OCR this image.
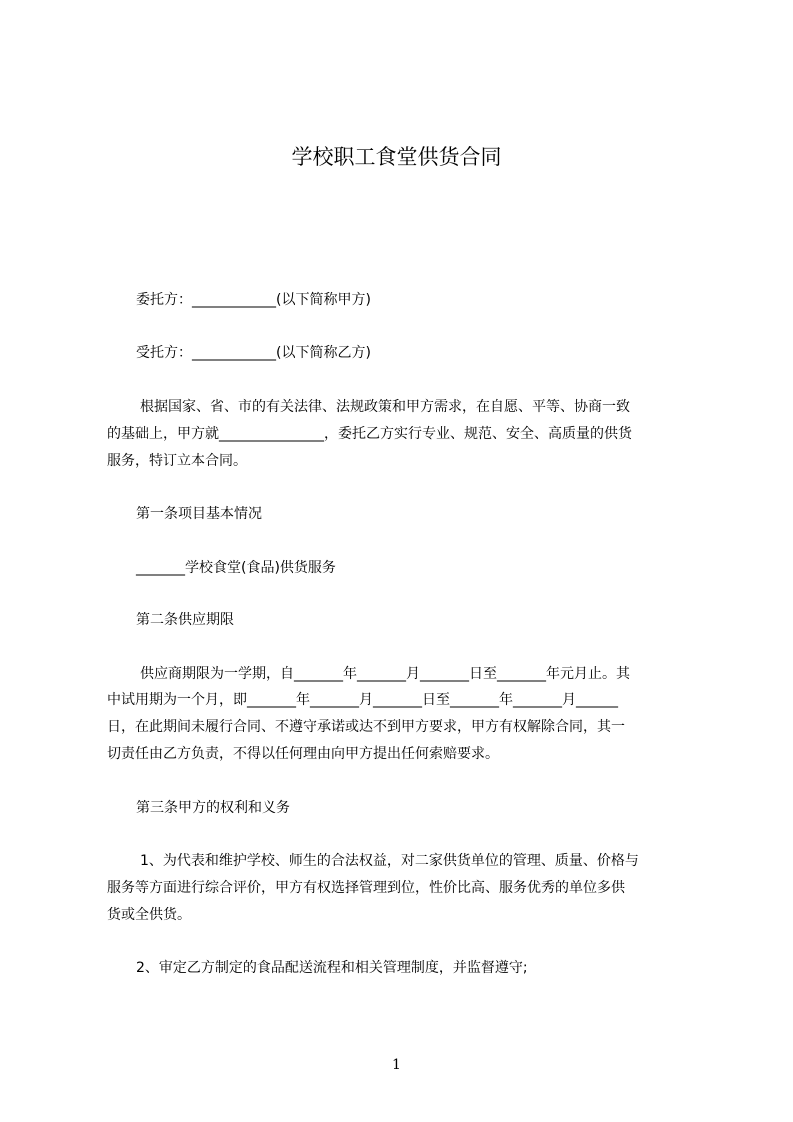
学校职工食堂供货合同
委托方：____________(以下简称甲方)
受托方：____________(以下简称乙方)
根据国家、省、市的有关法律、法规政策和甲方需求，在自愿、平等、协商一致
的基础上，甲方就_______________，委托乙方实行专业、规范、安全、高质量的供货
服务，特订立本合同。
第一条项目基本情况
_______学校食堂(食品)供货服务
第二条供应期限
供应商期限为一学期，自_______年_______月_______日至_______年元月止。其
中试用期为一个月，即_______年_______月_______日至_______年_______月______
日，在此期间未履行合同、不遵守承诺或达不到甲方要求，甲方有权解除合同，其一
切责任由乙方负责，不得以任何理由向甲方提出任何索赔要求。
第三条甲方的权利和义务
1、为代表和维护学校、师生的合法权益，对二家供货单位的管理、质量、价格与
服务等方面进行综合评价，甲方有权选择管理到位，性价比高、服务优秀的单位多供
货或全供货。
2、审定乙方制定的食品配送流程和相关管理制度，并监督遵守;
1
